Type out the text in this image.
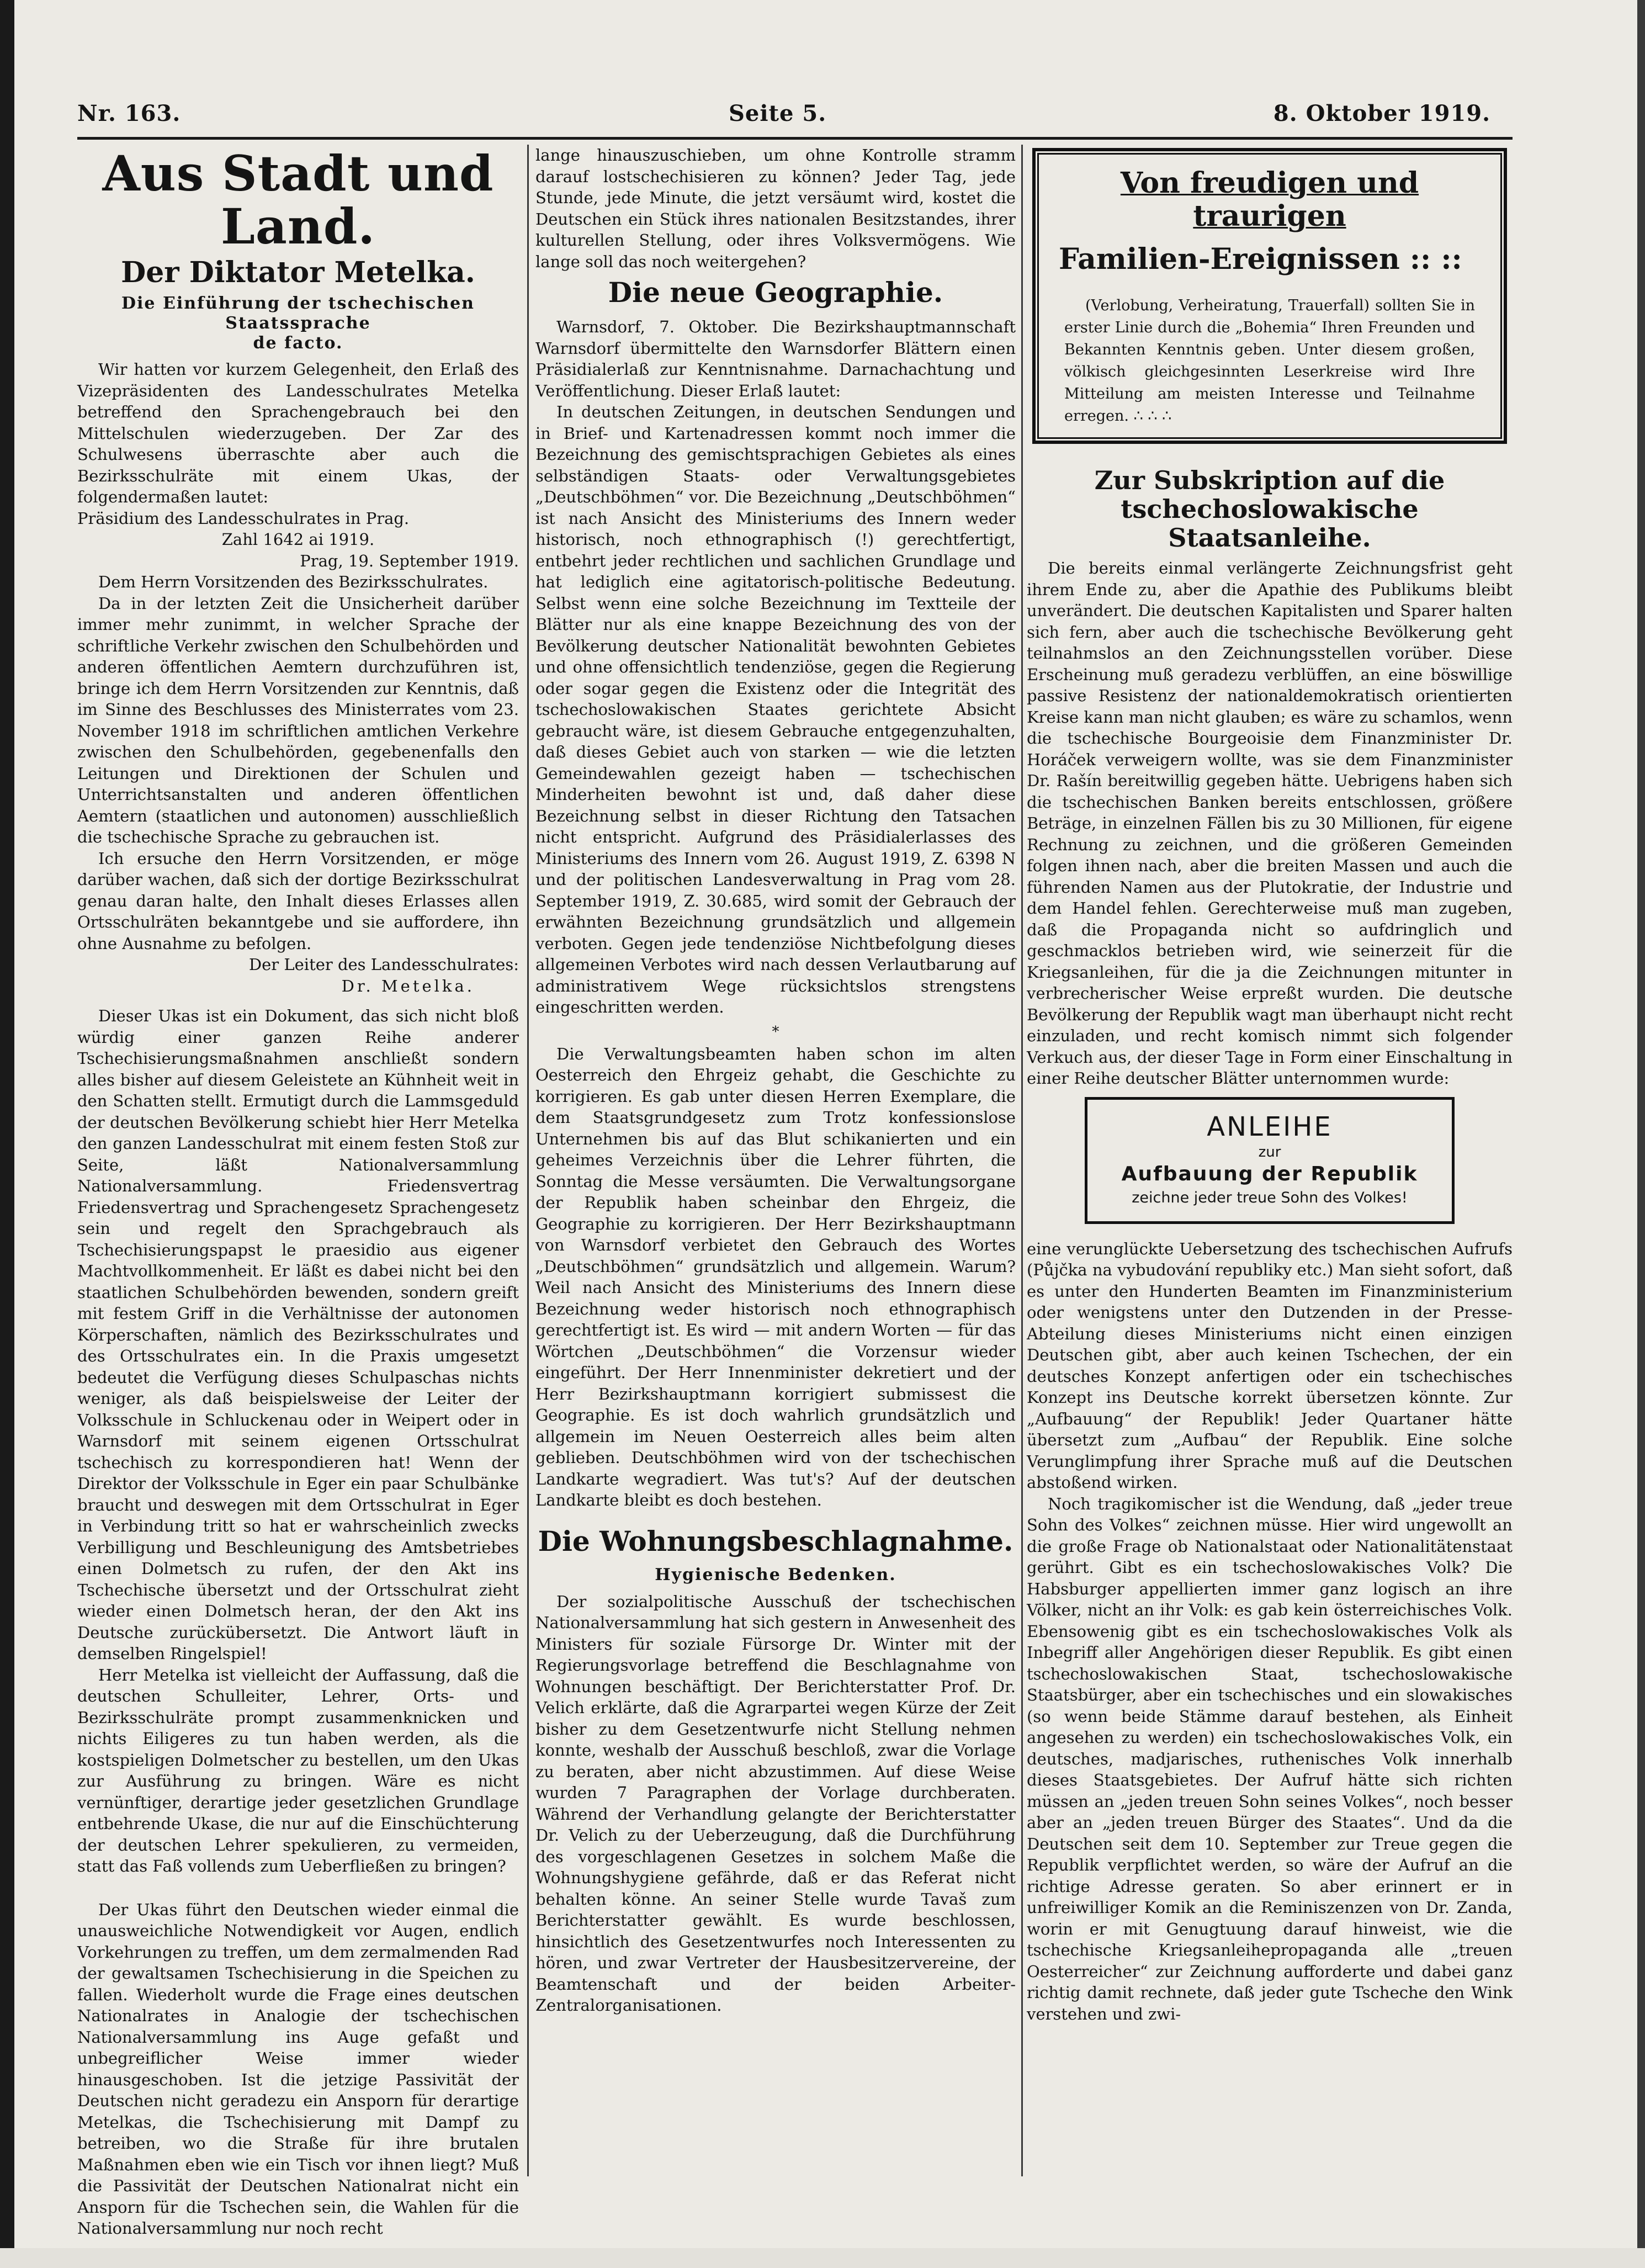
Nr. 163.	Seite 5.	8. Oktober 1919.
Aus Stadt und Land.
Der Diktator Metelka.
Die Einführung der tschechischen Staatssprache
de facto.

Wir hatten vor kurzem Gelegenheit, den Erlaß des Vizepräsidenten des Landesschulrates Metelka betreffend den Sprachengebrauch bei den Mittelschulen wiederzugeben. Der Zar des Schulwesens überraschte aber auch die Bezirksschulräte mit einem Ukas, der folgendermaßen lautet:

Präsidium des Landesschulrates in Prag.

Zahl 1642 ai 1919.

Prag, 19. September 1919.

Dem Herrn Vorsitzenden des Bezirksschulrates.

Da in der letzten Zeit die Unsicherheit darüber immer mehr zunimmt, in welcher Sprache der schriftliche Verkehr zwischen den Schulbehörden und anderen öffentlichen Aemtern durchzuführen ist, bringe ich dem Herrn Vorsitzenden zur Kenntnis, daß im Sinne des Beschlusses des Ministerrates vom 23. November 1918 im schriftlichen amtlichen Verkehre zwischen den Schulbehörden, gegebenenfalls den Leitungen und Direktionen der Schulen und Unterrichtsanstalten und anderen öffentlichen Aemtern (staatlichen und autonomen) ausschließlich die tschechische Sprache zu gebrauchen ist.

Ich ersuche den Herrn Vorsitzenden, er möge darüber wachen, daß sich der dortige Bezirksschulrat genau daran halte, den Inhalt dieses Erlasses allen Ortsschulräten bekanntgebe und sie auffordere, ihn ohne Ausnahme zu befolgen.

Der Leiter des Landesschulrates:

Dr. Metelka.

Dieser Ukas ist ein Dokument, das sich nicht bloß würdig einer ganzen Reihe anderer Tschechisierungsmaßnahmen anschließt sondern alles bisher auf diesem Geleistete an Kühnheit weit in den Schatten stellt. Ermutigt durch die Lammsgeduld der deutschen Bevölkerung schiebt hier Herr Metelka den ganzen Landesschulrat mit einem festen Stoß zur Seite, läßt Nationalversammlung Nationalversammlung. Friedensvertrag Friedensvertrag und Sprachengesetz Sprachengesetz sein und regelt den Sprachgebrauch als Tschechisierungspapst le praesidio aus eigener Machtvollkommenheit. Er läßt es dabei nicht bei den staatlichen Schulbehörden bewenden, sondern greift mit festem Griff in die Verhältnisse der autonomen Körperschaften, nämlich des Bezirksschulrates und des Ortsschulrates ein. In die Praxis umgesetzt bedeutet die Verfügung dieses Schulpaschas nichts weniger, als daß beispielsweise der Leiter der Volksschule in Schluckenau oder in Weipert oder in Warnsdorf mit seinem eigenen Ortsschulrat tschechisch zu korrespondieren hat! Wenn der Direktor der Volksschule in Eger ein paar Schulbänke braucht und deswegen mit dem Ortsschulrat in Eger in Verbindung tritt so hat er wahrscheinlich zwecks Verbilligung und Beschleunigung des Amtsbetriebes einen Dolmetsch zu rufen, der den Akt ins Tschechische übersetzt und der Ortsschulrat zieht wieder einen Dolmetsch heran, der den Akt ins Deutsche zurückübersetzt. Die Antwort läuft in demselben Ringelspiel!

Herr Metelka ist vielleicht der Auffassung, daß die deutschen Schulleiter, Lehrer, Orts- und Bezirksschulräte prompt zusammenknicken und nichts Eiligeres zu tun haben werden, als die kostspieligen Dolmetscher zu bestellen, um den Ukas zur Ausführung zu bringen. Wäre es nicht vernünftiger, derartige jeder gesetzlichen Grundlage entbehrende Ukase, die nur auf die Einschüchterung der deutschen Lehrer spekulieren, zu vermeiden, statt das Faß vollends zum Ueberfließen zu bringen?

Der Ukas führt den Deutschen wieder einmal die unausweichliche Notwendigkeit vor Augen, endlich Vorkehrungen zu treffen, um dem zermalmenden Rad der gewaltsamen Tschechisierung in die Speichen zu fallen. Wiederholt wurde die Frage eines deutschen Nationalrates in Analogie der tschechischen Nationalversammlung ins Auge gefaßt und unbegreiflicher Weise immer wieder hinausgeschoben. Ist die jetzige Passivität der Deutschen nicht geradezu ein Ansporn für derartige Metelkas, die Tschechisierung mit Dampf zu betreiben, wo die Straße für ihre brutalen Maßnahmen eben wie ein Tisch vor ihnen liegt? Muß die Passivität der Deutschen Nationalrat nicht ein Ansporn für die Tschechen sein, die Wahlen für die Nationalversammlung nur noch recht

lange hinauszuschieben, um ohne Kontrolle stramm darauf lostschechisieren zu können? Jeder Tag, jede Stunde, jede Minute, die jetzt versäumt wird, kostet die Deutschen ein Stück ihres nationalen Besitzstandes, ihrer kulturellen Stellung, oder ihres Volksvermögens. Wie lange soll das noch weitergehen?

Die neue Geographie.

Warnsdorf, 7. Oktober. Die Bezirkshauptmannschaft Warnsdorf übermittelte den Warnsdorfer Blättern einen Präsidialerlaß zur Kenntnisnahme. Darnachachtung und Veröffentlichung. Dieser Erlaß lautet:

In deutschen Zeitungen, in deutschen Sendungen und in Brief- und Kartenadressen kommt noch immer die Bezeichnung des gemischtsprachigen Gebietes als eines selbständigen Staats- oder Verwaltungsgebietes „Deutschböhmen“ vor. Die Bezeichnung „Deutschböhmen“ ist nach Ansicht des Ministeriums des Innern weder historisch, noch ethnographisch (!) gerechtfertigt, entbehrt jeder rechtlichen und sachlichen Grundlage und hat lediglich eine agitatorisch-politische Bedeutung. Selbst wenn eine solche Bezeichnung im Textteile der Blätter nur als eine knappe Bezeichnung des von der Bevölkerung deutscher Nationalität bewohnten Gebietes und ohne offensichtlich tendenziöse, gegen die Regierung oder sogar gegen die Existenz oder die Integrität des tschechoslowakischen Staates gerichtete Absicht gebraucht wäre, ist diesem Gebrauche entgegenzuhalten, daß dieses Gebiet auch von starken — wie die letzten Gemeindewahlen gezeigt haben — tschechischen Minderheiten bewohnt ist und, daß daher diese Bezeichnung selbst in dieser Richtung den Tatsachen nicht entspricht. Aufgrund des Präsidialerlasses des Ministeriums des Innern vom 26. August 1919, Z. 6398 N und der politischen Landesverwaltung in Prag vom 28. September 1919, Z. 30.685, wird somit der Gebrauch der erwähnten Bezeichnung grundsätzlich und allgemein verboten. Gegen jede tendenziöse Nichtbefolgung dieses allgemeinen Verbotes wird nach dessen Verlautbarung auf administrativem Wege rücksichtslos strengstens eingeschritten werden.

*

Die Verwaltungsbeamten haben schon im alten Oesterreich den Ehrgeiz gehabt, die Geschichte zu korrigieren. Es gab unter diesen Herren Exemplare, die dem Staatsgrundgesetz zum Trotz konfessionslose Unternehmen bis auf das Blut schikanierten und ein geheimes Verzeichnis über die Lehrer führten, die Sonntag die Messe versäumten. Die Verwaltungsorgane der Republik haben scheinbar den Ehrgeiz, die Geographie zu korrigieren. Der Herr Bezirkshauptmann von Warnsdorf verbietet den Gebrauch des Wortes „Deutschböhmen“ grundsätzlich und allgemein. Warum? Weil nach Ansicht des Ministeriums des Innern diese Bezeichnung weder historisch noch ethnographisch gerechtfertigt ist. Es wird — mit andern Worten — für das Wörtchen „Deutschböhmen“ die Vorzensur wieder eingeführt. Der Herr Innenminister dekretiert und der Herr Bezirkshauptmann korrigiert submissest die Geographie. Es ist doch wahrlich grundsätzlich und allgemein im Neuen Oesterreich alles beim alten geblieben. Deutschböhmen wird von der tschechischen Landkarte wegradiert. Was tut's? Auf der deutschen Landkarte bleibt es doch bestehen.

Die Wohnungsbeschlagnahme.
Hygienische Bedenken.

Der sozialpolitische Ausschuß der tschechischen Nationalversammlung hat sich gestern in Anwesenheit des Ministers für soziale Fürsorge Dr. Winter mit der Regierungsvorlage betreffend die Beschlagnahme von Wohnungen beschäftigt. Der Berichterstatter Prof. Dr. Velich erklärte, daß die Agrarpartei wegen Kürze der Zeit bisher zu dem Gesetzentwurfe nicht Stellung nehmen konnte, weshalb der Ausschuß beschloß, zwar die Vorlage zu beraten, aber nicht abzustimmen. Auf diese Weise wurden 7 Paragraphen der Vorlage durchberaten. Während der Verhandlung gelangte der Berichterstatter Dr. Velich zu der Ueberzeugung, daß die Durchführung des vorgeschlagenen Gesetzes in solchem Maße die Wohnungshygiene gefährde, daß er das Referat nicht behalten könne. An seiner Stelle wurde Tavaš zum Berichterstatter gewählt. Es wurde beschlossen, hinsichtlich des Gesetzentwurfes noch Interessenten zu hören, und zwar Vertreter der Hausbesitzervereine, der Beamtenschaft und der beiden Arbeiter-Zentralorganisationen.

Von freudigen und traurigen
Familien-Ereignissen :: ::

(Verlobung, Verheiratung, Trauerfall) sollten Sie in erster Linie durch die „Bohemia“ Ihren Freunden und Bekannten Kenntnis geben. Unter diesem großen, völkisch gleichgesinnten Leserkreise wird Ihre Mitteilung am meisten Interesse und Teilnahme erregen. ∴ ∴ ∴

Zur Subskription auf die tschechoslowakische Staatsanleihe.

Die bereits einmal verlängerte Zeichnungsfrist geht ihrem Ende zu, aber die Apathie des Publikums bleibt unverändert. Die deutschen Kapitalisten und Sparer halten sich fern, aber auch die tschechische Bevölkerung geht teilnahmslos an den Zeichnungsstellen vorüber. Diese Erscheinung muß geradezu verblüffen, an eine böswillige passive Resistenz der nationaldemokratisch orientierten Kreise kann man nicht glauben; es wäre zu schamlos, wenn die tschechische Bourgeoisie dem Finanzminister Dr. Horáček verweigern wollte, was sie dem Finanzminister Dr. Rašín bereitwillig gegeben hätte. Uebrigens haben sich die tschechischen Banken bereits entschlossen, größere Beträge, in einzelnen Fällen bis zu 30 Millionen, für eigene Rechnung zu zeichnen, und die größeren Gemeinden folgen ihnen nach, aber die breiten Massen und auch die führenden Namen aus der Plutokratie, der Industrie und dem Handel fehlen. Gerechterweise muß man zugeben, daß die Propaganda nicht so aufdringlich und geschmacklos betrieben wird, wie seinerzeit für die Kriegsanleihen, für die ja die Zeichnungen mitunter in verbrecherischer Weise erpreßt wurden. Die deutsche Bevölkerung der Republik wagt man überhaupt nicht recht einzuladen, und recht komisch nimmt sich folgender Verkuch aus, der dieser Tage in Form einer Einschaltung in einer Reihe deutscher Blätter unternommen wurde:

ANLEIHE
zur
Aufbauung der Republik
zeichne jeder treue Sohn des Volkes!

eine verunglückte Uebersetzung des tschechischen Aufrufs (Půjčka na vybudování republiky etc.) Man sieht sofort, daß es unter den Hunderten Beamten im Finanzministerium oder wenigstens unter den Dutzenden in der Presse-Abteilung dieses Ministeriums nicht einen einzigen Deutschen gibt, aber auch keinen Tschechen, der ein deutsches Konzept anfertigen oder ein tschechisches Konzept ins Deutsche korrekt übersetzen könnte. Zur „Aufbauung“ der Republik! Jeder Quartaner hätte übersetzt zum „Aufbau“ der Republik. Eine solche Verunglimpfung ihrer Sprache muß auf die Deutschen abstoßend wirken.

Noch tragikomischer ist die Wendung, daß „jeder treue Sohn des Volkes“ zeichnen müsse. Hier wird ungewollt an die große Frage ob Nationalstaat oder Nationalitätenstaat gerührt. Gibt es ein tschechoslowakisches Volk? Die Habsburger appellierten immer ganz logisch an ihre Völker, nicht an ihr Volk: es gab kein österreichisches Volk. Ebensowenig gibt es ein tschechoslowakisches Volk als Inbegriff aller Angehörigen dieser Republik. Es gibt einen tschechoslowakischen Staat, tschechoslowakische Staatsbürger, aber ein tschechisches und ein slowakisches (so wenn beide Stämme darauf bestehen, als Einheit angesehen zu werden) ein tschechoslowakisches Volk, ein deutsches, madjarisches, ruthenisches Volk innerhalb dieses Staatsgebietes. Der Aufruf hätte sich richten müssen an „jeden treuen Sohn seines Volkes“, noch besser aber an „jeden treuen Bürger des Staates“. Und da die Deutschen seit dem 10. September zur Treue gegen die Republik verpflichtet werden, so wäre der Aufruf an die richtige Adresse geraten. So aber erinnert er in unfreiwilliger Komik an die Reminiszenzen von Dr. Zanda, worin er mit Genugtuung darauf hinweist, wie die tschechische Kriegsanleihepropaganda alle „treuen Oesterreicher“ zur Zeichnung aufforderte und dabei ganz richtig damit rechnete, daß jeder gute Tscheche den Wink verstehen und zwi-
